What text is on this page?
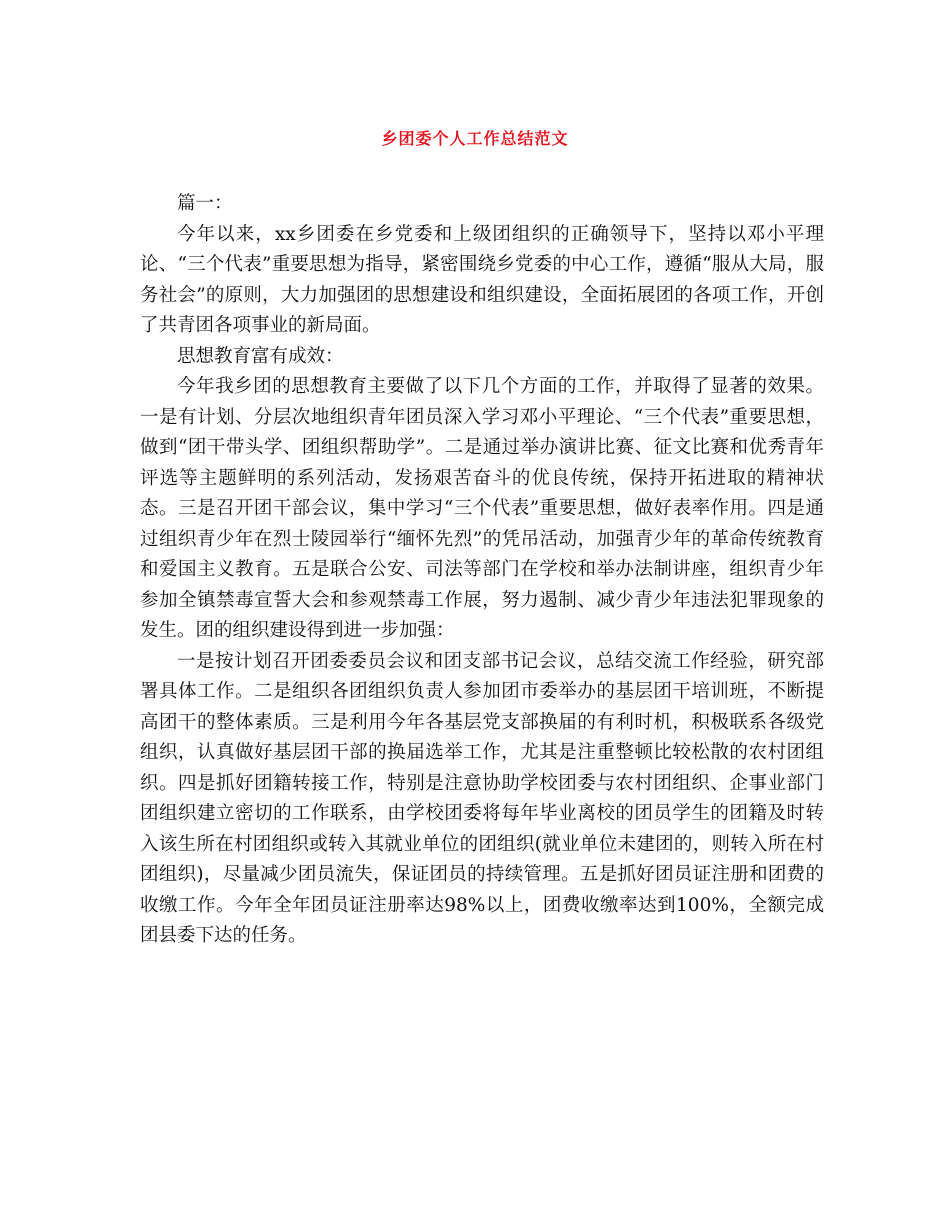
乡团委个人工作总结范文

篇一：

今年以来，xx乡团委在乡党委和上级团组织的正确领导下，坚持以邓小平理论、“三个代表”重要思想为指导，紧密围绕乡党委的中心工作，遵循“服从大局，服务社会”的原则，大力加强团的思想建设和组织建设，全面拓展团的各项工作，开创了共青团各项事业的新局面。

思想教育富有成效：

今年我乡团的思想教育主要做了以下几个方面的工作，并取得了显著的效果。一是有计划、分层次地组织青年团员深入学习邓小平理论、“三个代表”重要思想，做到“团干带头学、团组织帮助学”。二是通过举办演讲比赛、征文比赛和优秀青年评选等主题鲜明的系列活动，发扬艰苦奋斗的优良传统，保持开拓进取的精神状态。三是召开团干部会议，集中学习“三个代表”重要思想，做好表率作用。四是通过组织青少年在烈士陵园举行“缅怀先烈”的凭吊活动，加强青少年的革命传统教育和爱国主义教育。五是联合公安、司法等部门在学校和举办法制讲座，组织青少年参加全镇禁毒宣誓大会和参观禁毒工作展，努力遏制、减少青少年违法犯罪现象的发生。团的组织建设得到进一步加强：

一是按计划召开团委委员会议和团支部书记会议，总结交流工作经验，研究部署具体工作。二是组织各团组织负责人参加团市委举办的基层团干培训班，不断提高团干的整体素质。三是利用今年各基层党支部换届的有利时机，积极联系各级党组织，认真做好基层团干部的换届选举工作，尤其是注重整顿比较松散的农村团组织。四是抓好团籍转接工作，特别是注意协助学校团委与农村团组织、企事业部门团组织建立密切的工作联系，由学校团委将每年毕业离校的团员学生的团籍及时转入该生所在村团组织或转入其就业单位的团组织(就业单位未建团的，则转入所在村团组织)，尽量减少团员流失，保证团员的持续管理。五是抓好团员证注册和团费的收缴工作。今年全年团员证注册率达98%以上，团费收缴率达到100%，全额完成团县委下达的任务。
